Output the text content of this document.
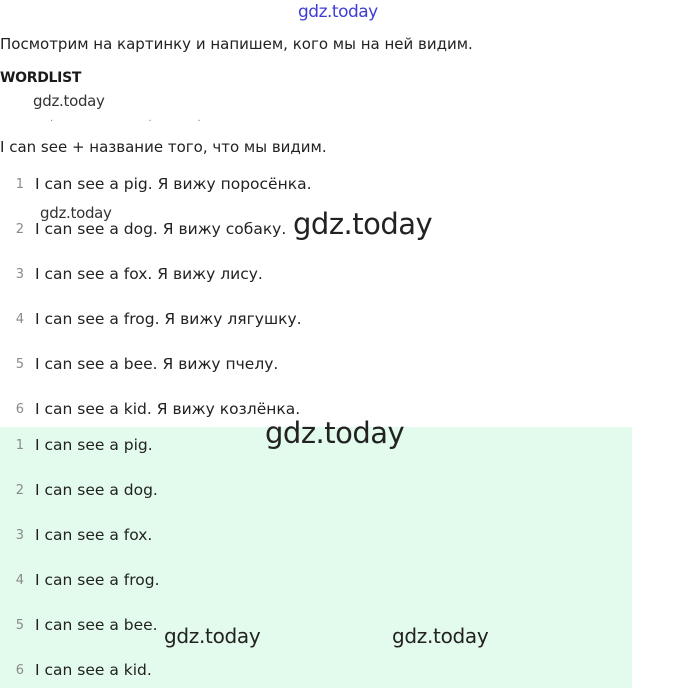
gdz.today
Посмотрим на картинку и напишем, кого мы на ней видим.
WORDLIST
gdz.today
· ··
I can see + название того, что мы видим.
1 I can see a pig. Я вижу поросёнка.
2 I can see a dog. Я вижу собаку.
3 I can see a fox. Я вижу лису.
4 I can see a frog. Я вижу лягушку.
5 I can see a bee. Я вижу пчелу.
6 I can see a kid. Я вижу козлёнка.
1 I can see a pig.
2 I can see a dog.
3 I can see a fox.
4 I can see a frog.
5 I can see a bee.
6 I can see a kid.
gdz.today	gdz.today
gdz.today
gdz.today	gdz.today
